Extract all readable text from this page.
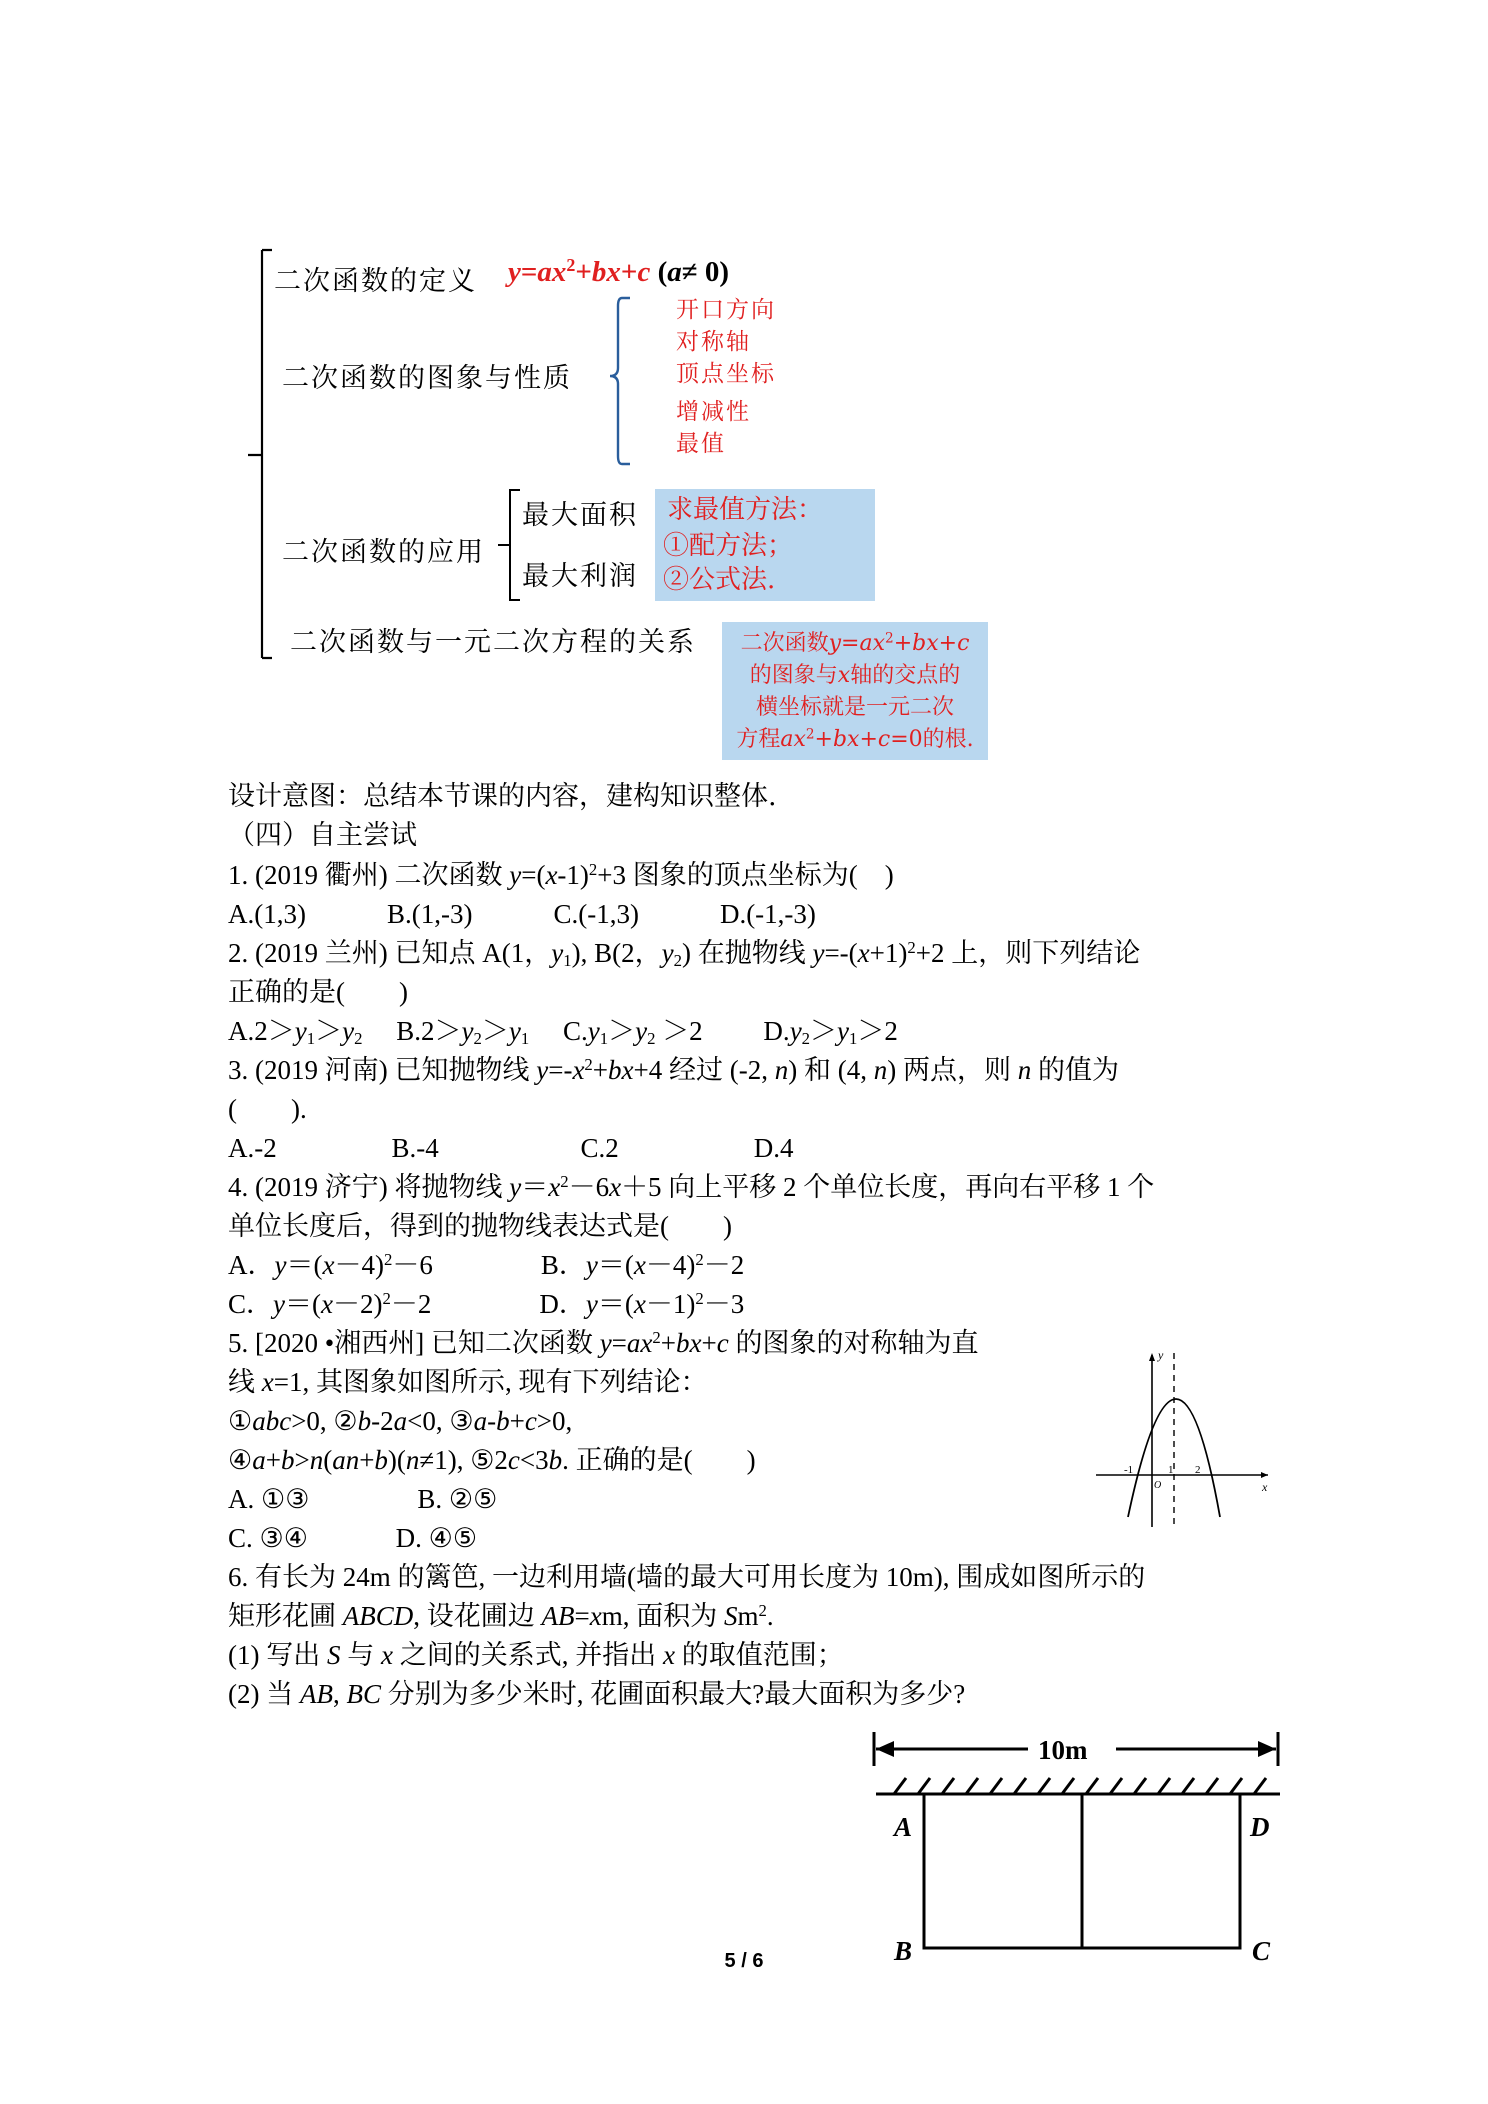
二次函数的定义 $y=ax^2+bx+c$ (a≠ 0)
二次函数的图象与性质
开口方向
对称轴
顶点坐标
增减性
最值
二次函数的应用
最大面积
最大利润
求最值方法：
①配方法；
②公式法.
二次函数与一元二次方程的关系	二次函数$y=ax^2+bx+c$
的图象与x轴的交点的
横坐标就是一元二次
方程$ax^2+bx+c=0$的根.
设计意图：总结本节课的内容，建构知识整体.
（四）自主尝试
1. (2019 衢州) 二次函数 $y=(x-1)^2+3$ 图象的顶点坐标为(　)
A.(1,3)　　　B.(1,-3)　　　C.(-1,3)　　　D.(-1,-3)
2. (2019 兰州) 已知点 A(1，$y_1$), B(2，$y_2$) 在抛物线 $y=-(x+1)^2+2$ 上，则下列结论
正确的是(　　)
$A.2>y_1>y_2$　 $B.2>y_2>y_1$　 $C.y_1>y_2 >2$　　 $D.y_2>y_1>2$
3. (2019 河南) 已知抛物线 $y=-x^2+bx+4$ 经过 (-2, n) 和 (4, n) 两点，则 n 的值为
(　　).
A.-2　　　　 B.-4　　　　　 C.2　　　　　D.4
4. (2019 济宁) 将抛物线 $y=x^2-6x+5$ 向上平移 2 个单位长度，再向右平移 1 个
单位长度后，得到的抛物线表达式是(　　)
A．$y=(x-4)^2-6$　　　　B．$y=(x-4)^2-2$
C．$y=(x-2)^2-2$　　　　D．$y=(x-1)^2-3$
5. [2020 •湘西州] 已知二次函数 $y=ax^2+bx+c$ 的图象的对称轴为直
线 x=1, 其图象如图所示, 现有下列结论：
①abc>0, ②b-2a<0, ③a-b+c>0,
④a+b>n(an+b)(n≠1), ⑤2c<3b. 正确的是(　　)
A. ①③　　　　B. ②⑤
C. ③④　　　 D. ④⑤
6. 有长为 24m 的篱笆, 一边利用墙(墙的最大可用长度为 10m), 围成如图所示的
矩形花圃 ABCD, 设花圃边 AB=xm, 面积为 Sm$^2$.
(1) 写出 S 与 x 之间的关系式, 并指出 x 的取值范围；
(2) 当 AB, BC 分别为多少米时, 花圃面积最大?最大面积为多少?
y
x
O
-1	1 2
10m
A	D
B	C
5 / 6
